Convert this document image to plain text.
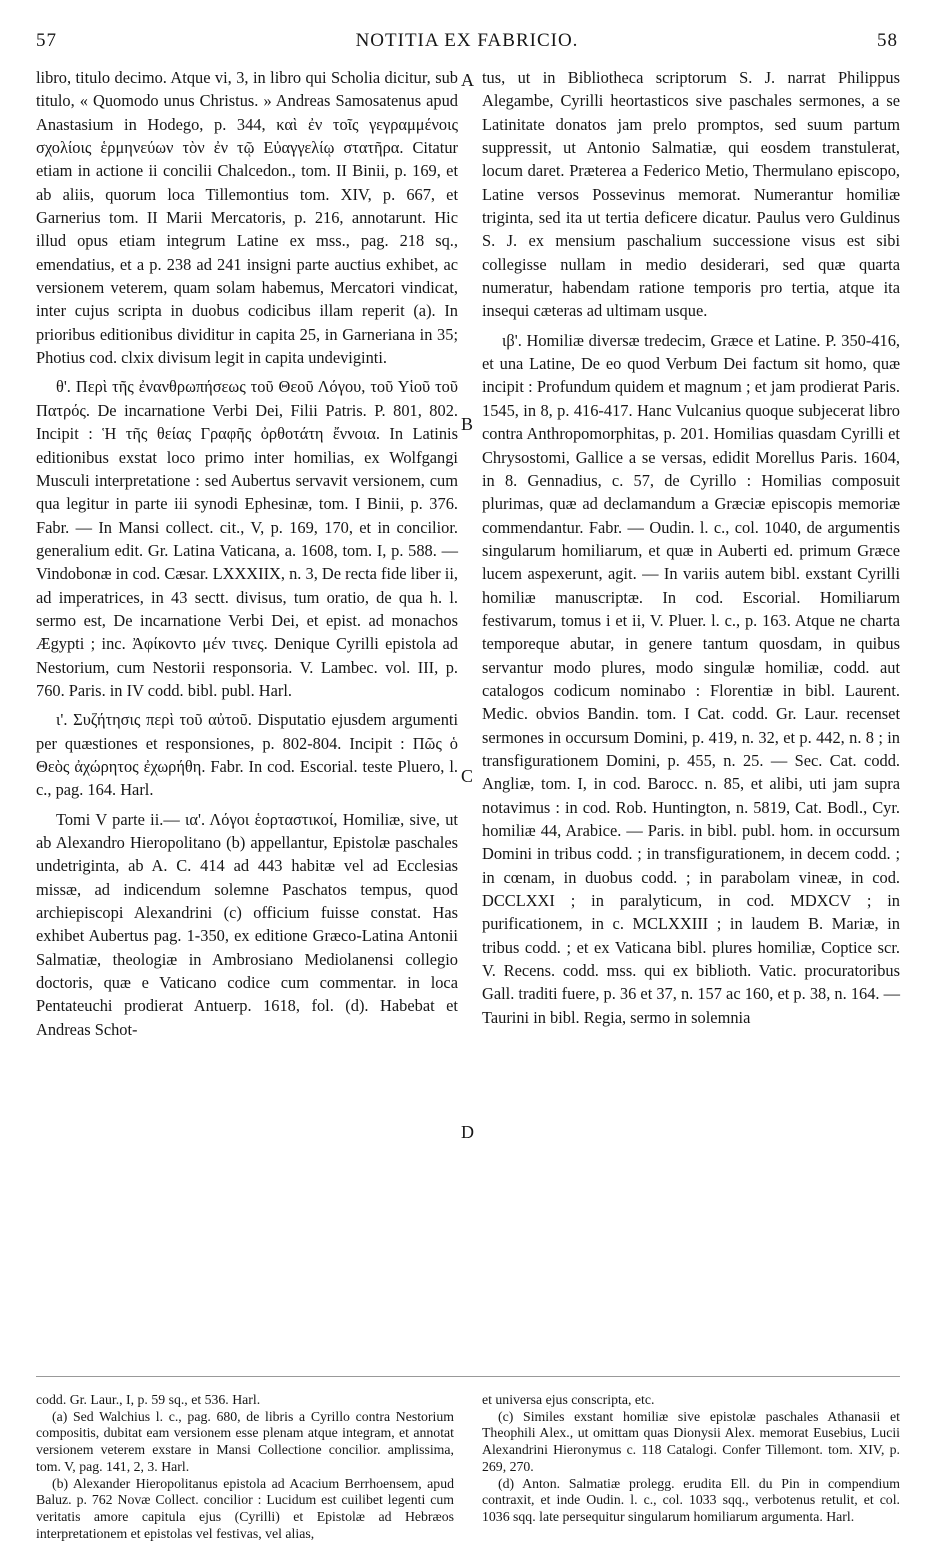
57	NOTITIA EX FABRICIO.	58

libro, titulo decimo. Atque vi, 3, in libro qui Scholia dicitur, sub titulo, « Quomodo unus Christus. » Andreas Samosatenus apud Anastasium in Hodego, p. 344, καὶ ἐν τοῖς γεγραμμένοις σχολίοις ἑρμηνεύων τὸν ἐν τῷ Εὐαγγελίῳ στατῆρα. Citatur etiam in actione ii concilii Chalcedon., tom. II Binii, p. 169, et ab aliis, quorum loca Tillemontius tom. XIV, p. 667, et Garnerius tom. II Marii Mercatoris, p. 216, annotarunt. Hic illud opus etiam integrum Latine ex mss., pag. 218 sq., emendatius, et a p. 238 ad 241 insigni parte auctius exhibet, ac versionem veterem, quam solam habemus, Mercatori vindicat, inter cujus scripta in duobus codicibus illam reperit (a). In prioribus editionibus dividitur in capita 25, in Garneriana in 35; Photius cod. clxix divisum legit in capita undeviginti.

θ'. Περὶ τῆς ἐνανθρωπήσεως τοῦ Θεοῦ Λόγου, τοῦ Υἱοῦ τοῦ Πατρός. De incarnatione Verbi Dei, Filii Patris. P. 801, 802. Incipit : Ἡ τῆς θείας Γραφῆς ὀρθοτάτη ἔννοια. In Latinis editionibus exstat loco primo inter homilias, ex Wolfgangi Musculi interpretatione : sed Aubertus servavit versionem, cum qua legitur in parte iii synodi Ephesinæ, tom. I Binii, p. 376. Fabr. — In Mansi collect. cit., V, p. 169, 170, et in concilior. generalium edit. Gr. Latina Vaticana, a. 1608, tom. I, p. 588. — Vindobonæ in cod. Cæsar. LXXXIIX, n. 3, De recta fide liber ii, ad imperatrices, in 43 sectt. divisus, tum oratio, de qua h. l. sermo est, De incarnatione Verbi Dei, et epist. ad monachos Ægypti ; inc. Ἀφίκοντο μέν τινες. Denique Cyrilli epistola ad Nestorium, cum Nestorii responsoria. V. Lambec. vol. III, p. 760. Paris. in IV codd. bibl. publ. Harl.

ι'. Συζήτησις περὶ τοῦ αὐτοῦ. Disputatio ejusdem argumenti per quæstiones et responsiones, p. 802-804. Incipit : Πῶς ὁ Θεὸς ἀχώρητος ἐχωρήθη. Fabr. In cod. Escorial. teste Pluero, l. c., pag. 164. Harl.

Tomi V parte ii.— ια'. Λόγοι ἑορταστικοί, Homiliæ, sive, ut ab Alexandro Hieropolitano (b) appellantur, Epistolæ paschales undetriginta, ab A. C. 414 ad 443 habitæ vel ad Ecclesias missæ, ad indicendum solemne Paschatos tempus, quod archiepiscopi Alexandrini (c) officium fuisse constat. Has exhibet Aubertus pag. 1-350, ex editione Græco-Latina Antonii Salmatiæ, theologiæ in Ambrosiano Mediolanensi collegio doctoris, quæ e Vaticano codice cum commentar. in loca Pentateuchi prodierat Antuerp. 1618, fol. (d). Habebat et Andreas Schot-

A
B
C
D

tus, ut in Bibliotheca scriptorum S. J. narrat Philippus Alegambe, Cyrilli heortasticos sive paschales sermones, a se Latinitate donatos jam prelo promptos, sed suum partum suppressit, ut Antonio Salmatiæ, qui eosdem transtulerat, locum daret. Præterea a Federico Metio, Thermulano episcopo, Latine versos Possevinus memorat. Numerantur homiliæ triginta, sed ita ut tertia deficere dicatur. Paulus vero Guldinus S. J. ex mensium paschalium successione visus est sibi collegisse nullam in medio desiderari, sed quæ quarta numeratur, habendam ratione temporis pro tertia, atque ita insequi cæteras ad ultimam usque.

ιβ'. Homiliæ diversæ tredecim, Græce et Latine. P. 350-416, et una Latine, De eo quod Verbum Dei factum sit homo, quæ incipit : Profundum quidem et magnum ; et jam prodierat Paris. 1545, in 8, p. 416-417. Hanc Vulcanius quoque subjecerat libro contra Anthropomorphitas, p. 201. Homilias quasdam Cyrilli et Chrysostomi, Gallice a se versas, edidit Morellus Paris. 1604, in 8. Gennadius, c. 57, de Cyrillo : Homilias composuit plurimas, quæ ad declamandum a Græciæ episcopis memoriæ commendantur. Fabr. — Oudin. l. c., col. 1040, de argumentis singularum homiliarum, et quæ in Auberti ed. primum Græce lucem aspexerunt, agit. — In variis autem bibl. exstant Cyrilli homiliæ manuscriptæ. In cod. Escorial. Homiliarum festivarum, tomus i et ii, V. Pluer. l. c., p. 163. Atque ne charta temporeque abutar, in genere tantum quosdam, in quibus servantur modo plures, modo singulæ homiliæ, codd. aut catalogos codicum nominabo : Florentiæ in bibl. Laurent. Medic. obvios Bandin. tom. I Cat. codd. Gr. Laur. recenset sermones in occursum Domini, p. 419, n. 32, et p. 442, n. 8 ; in transfigurationem Domini, p. 455, n. 25. — Sec. Cat. codd. Angliæ, tom. I, in cod. Barocc. n. 85, et alibi, uti jam supra notavimus : in cod. Rob. Huntington, n. 5819, Cat. Bodl., Cyr. homiliæ 44, Arabice. — Paris. in bibl. publ. hom. in occursum Domini in tribus codd. ; in transfigurationem, in decem codd. ; in cœnam, in duobus codd. ; in parabolam vineæ, in cod. DCCLXXI ; in paralyticum, in cod. MDXCV ; in purificationem, in c. MCLXXIII ; in laudem B. Mariæ, in tribus codd. ; et ex Vaticana bibl. plures homiliæ, Coptice scr. V. Recens. codd. mss. qui ex biblioth. Vatic. procuratoribus Gall. traditi fuere, p. 36 et 37, n. 157 ac 160, et p. 38, n. 164. — Taurini in bibl. Regia, sermo in solemnia

codd. Gr. Laur., I, p. 59 sq., et 536. Harl.

(a) Sed Walchius l. c., pag. 680, de libris a Cyrillo contra Nestorium compositis, dubitat eam versionem esse plenam atque integram, et annotat versionem veterem exstare in Mansi Collectione concilior. amplissima, tom. V, pag. 141, 2, 3. Harl.

(b) Alexander Hieropolitanus epistola ad Acacium Berrhoensem, apud Baluz. p. 762 Novæ Collect. concilior : Lucidum est cuilibet legenti cum veritatis amore capitula ejus (Cyrilli) et Epistolæ ad Hebræos interpretationem et epistolas vel festivas, vel alias,

et universa ejus conscripta, etc.

(c) Similes exstant homiliæ sive epistolæ paschales Athanasii et Theophili Alex., ut omittam quas Dionysii Alex. memorat Eusebius, Lucii Alexandrini Hieronymus c. 118 Catalogi. Confer Tillemont. tom. XIV, p. 269, 270.

(d) Anton. Salmatiæ prolegg. erudita Ell. du Pin in compendium contraxit, et inde Oudin. l. c., col. 1033 sqq., verbotenus retulit, et col. 1036 sqq. late persequitur singularum homiliarum argumenta. Harl.
